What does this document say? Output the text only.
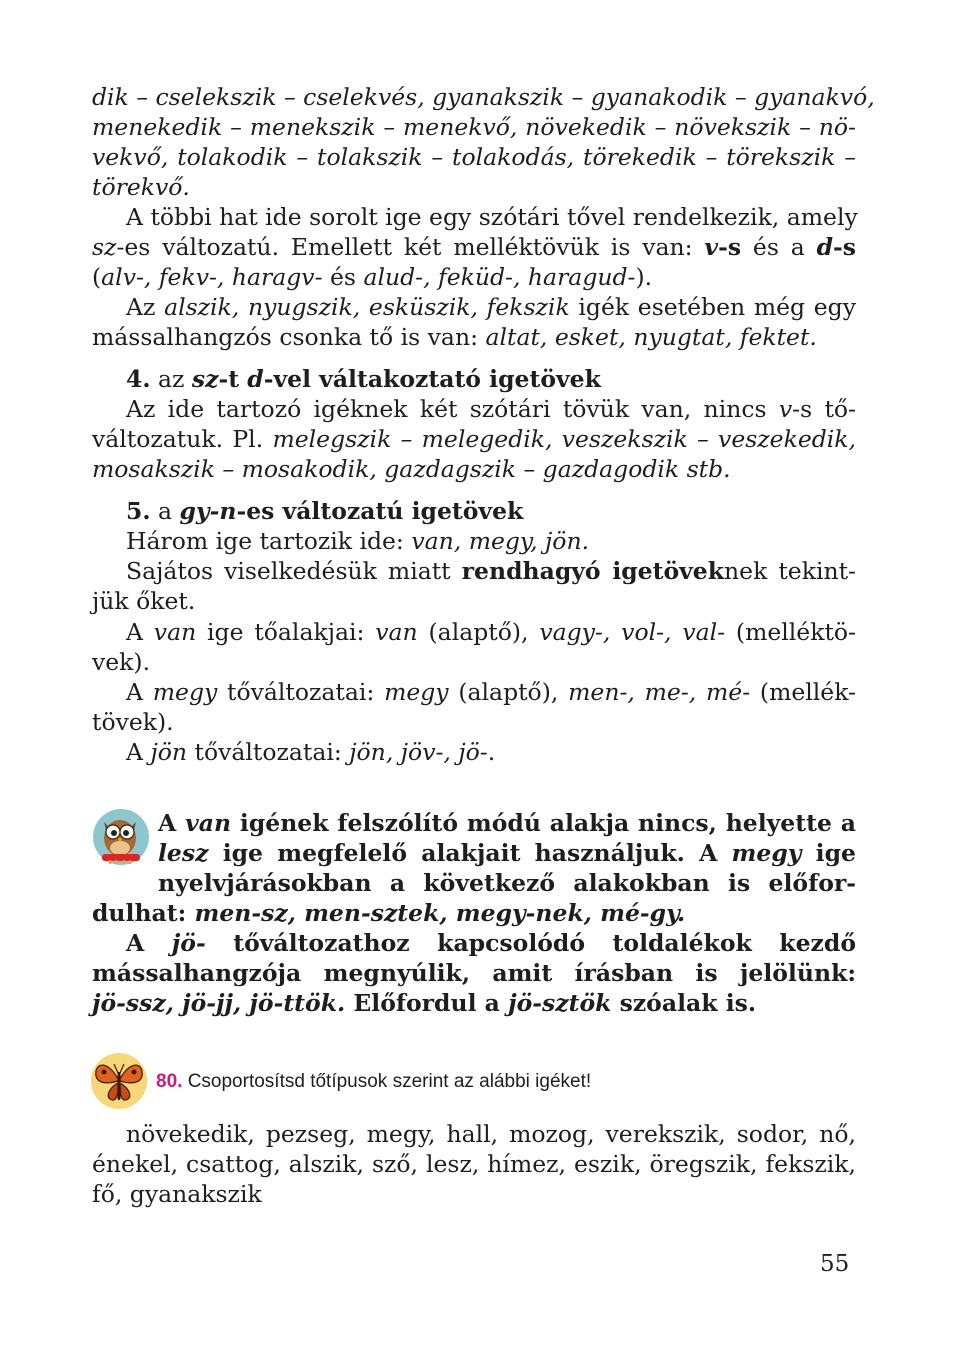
dik – cselekszik – cselekvés, gyanakszik – gyanakodik – gyanakvó,
menekedik – menekszik – menekvő, növekedik – növekszik – nö-
vekvő, tolakodik – tolakszik – tolakodás, törekedik – törekszik –
törekvő.
A többi hat ide sorolt ige egy szótári tővel rendelkezik, amely
sz-es változatú. Emellett két melléktövük is van: v-s és a d-s
(alv-, fekv-, haragv- és alud-, feküd-, haragud-).
Az alszik, nyugszik, esküszik, fekszik igék esetében még egy
mássalhangzós csonka tő is van: altat, esket, nyugtat, fektet.
4. az sz-t d-vel váltakoztató igetövek
Az ide tartozó igéknek két szótári tövük van, nincs v-s tő-
változatuk. Pl. melegszik – melegedik, veszekszik – veszekedik,
mosakszik – mosakodik, gazdagszik – gazdagodik stb.
5. a gy-n-es változatú igetövek
Három ige tartozik ide: van, megy, jön.
Sajátos viselkedésük miatt rendhagyó igetöveknek tekint-
jük őket.
A van ige tőalakjai: van (alaptő), vagy-, vol-, val- (melléktö-
vek).
A megy tőváltozatai: megy (alaptő), men-, me-, mé- (mellék-
tövek).
A jön tőváltozatai: jön, jöv-, jö-.
A van igének felszólító módú alakja nincs, helyette a
lesz ige megfelelő alakjait használjuk. A megy ige
nyelvjárásokban a következő alakokban is előfor-
dulhat: men-sz, men-sztek, megy-nek, mé-gy.
A jö- tőváltozathoz kapcsolódó toldalékok kezdő
mássalhangzója megnyúlik, amit írásban is jelölünk:
jö-ssz, jö-jj, jö-ttök. Előfordul a jö-sztök szóalak is.
80. Csoportosítsd tőtípusok szerint az alábbi igéket!
növekedik, pezseg, megy, hall, mozog, verekszik, sodor, nő,
énekel, csattog, alszik, sző, lesz, hímez, eszik, öregszik, fekszik,
fő, gyanakszik
55
